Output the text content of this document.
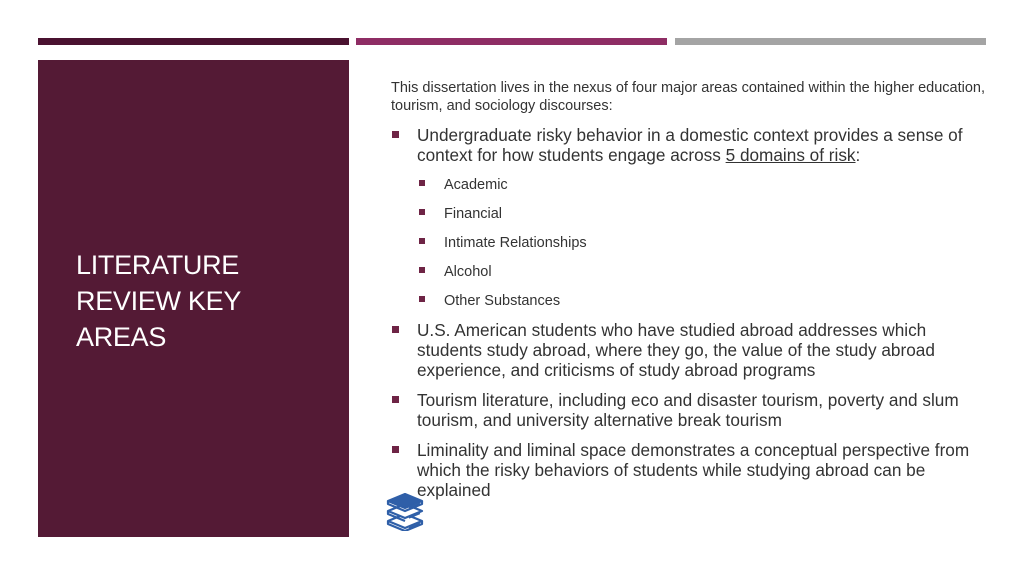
LITERATURE REVIEW KEY AREAS

This dissertation lives in the nexus of four major areas contained within the higher education, tourism, and sociology discourses:

Undergraduate risky behavior in a domestic context provides a sense of context for how students engage across 5 domains of risk:
Academic
Financial
Intimate Relationships
Alcohol
Other Substances
U.S. American students who have studied abroad addresses which students study abroad, where they go, the value of the study abroad experience, and criticisms of study abroad programs
Tourism literature, including eco and disaster tourism, poverty and slum tourism, and university alternative break tourism
Liminality and liminal space demonstrates a conceptual perspective from which the risky behaviors of students while studying abroad can be explained
